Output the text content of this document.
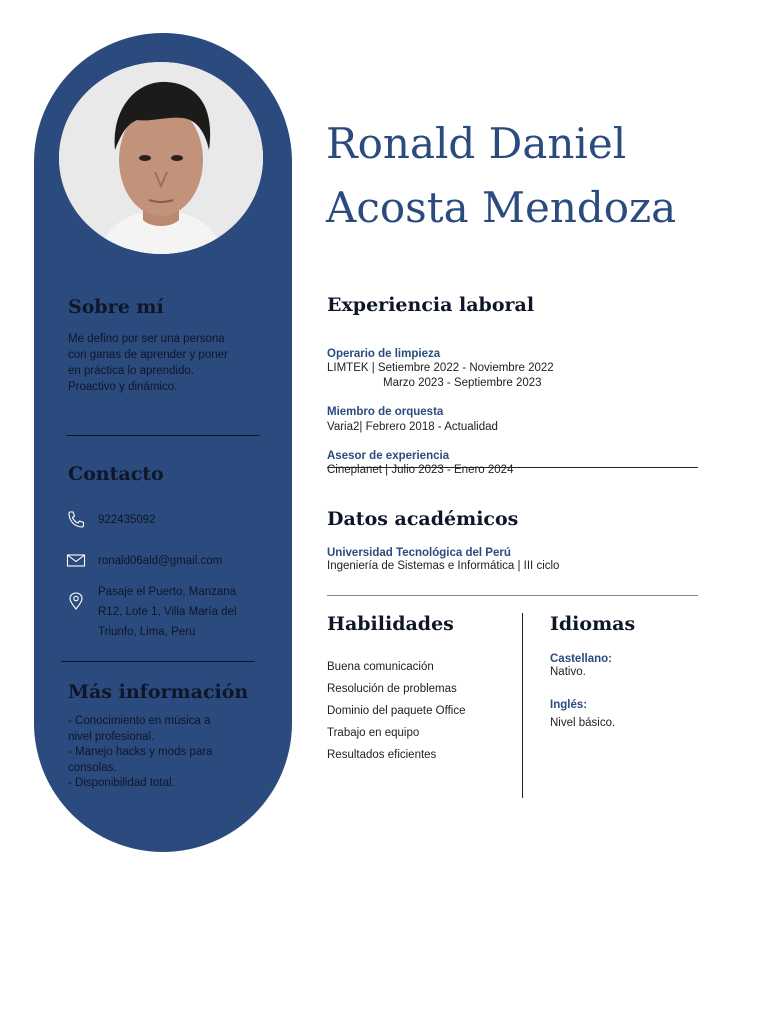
Sobre mí
Me defino por ser una persona
con ganas de aprender y poner
en práctica lo aprendido.
Proactivo y dinámico.
Contacto
922435092
ronald06ald@gmail.com
Pasaje el Puerto, Manzana
R12, Lote 1, Villa María del
Triunfo, Lima, Peru
Más información
- Conocimiento en música a
nivel profesional.
- Manejo hacks y mods para
consolas.
- Disponibilidad total.
Ronald Daniel
Acosta Mendoza
Experiencia laboral

Operario de limpieza

LIMTEK | Setiembre 2022 - Noviembre 2022

Marzo 2023 - Septiembre 2023

Miembro de orquesta

Varia2| Febrero 2018 - Actualidad

Asesor de experiencia

Cineplanet | Julio 2023 - Enero 2024

Datos académicos

Universidad Tecnológica del Perú

Ingeniería de Sistemas e Informática | III ciclo

Habilidades
Buena comunicación
Resolución de problemas
Dominio del paquete Office
Trabajo en equipo
Resultados eficientes
Idiomas

Castellano:

Nativo.

Inglés:

Nivel básico.
